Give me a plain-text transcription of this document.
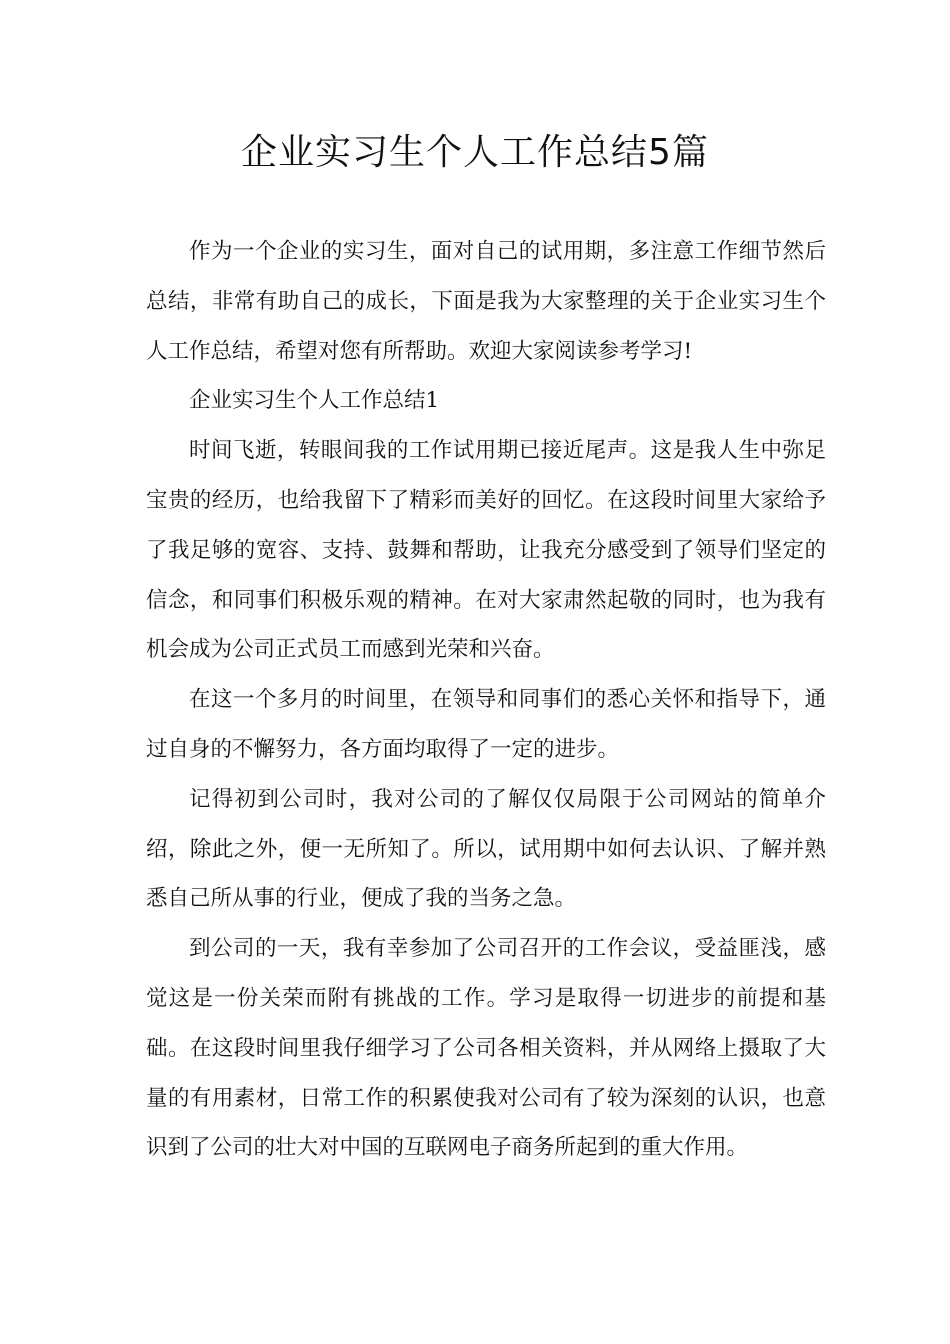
企业实习生个人工作总结5篇

作为一个企业的实习生，面对自己的试用期，多注意工作细节然后总结，非常有助自己的成长，下面是我为大家整理的关于企业实习生个人工作总结，希望对您有所帮助。欢迎大家阅读参考学习!

企业实习生个人工作总结1

时间飞逝，转眼间我的工作试用期已接近尾声。这是我人生中弥足宝贵的经历，也给我留下了精彩而美好的回忆。在这段时间里大家给予了我足够的宽容、支持、鼓舞和帮助，让我充分感受到了领导们坚定的信念，和同事们积极乐观的精神。在对大家肃然起敬的同时，也为我有机会成为公司正式员工而感到光荣和兴奋。

在这一个多月的时间里，在领导和同事们的悉心关怀和指导下，通过自身的不懈努力，各方面均取得了一定的进步。

记得初到公司时，我对公司的了解仅仅局限于公司网站的简单介绍，除此之外，便一无所知了。所以，试用期中如何去认识、了解并熟悉自己所从事的行业，便成了我的当务之急。

到公司的一天，我有幸参加了公司召开的工作会议，受益匪浅，感觉这是一份关荣而附有挑战的工作。学习是取得一切进步的前提和基础。在这段时间里我仔细学习了公司各相关资料，并从网络上摄取了大量的有用素材，日常工作的积累使我对公司有了较为深刻的认识，也意识到了公司的壮大对中国的互联网电子商务所起到的重大作用。
